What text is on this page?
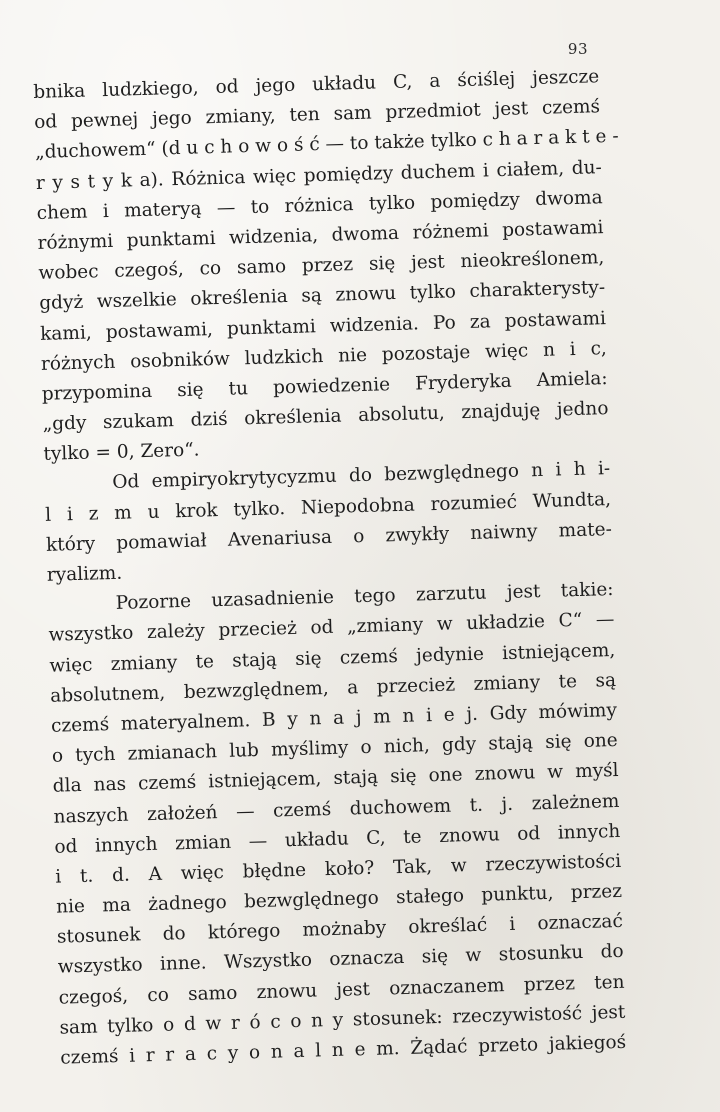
93
bnika ludzkiego, od jego układu C, a ściślej jeszcze
od pewnej jego zmiany, ten sam przedmiot jest czemś
„duchowem“ (d u c h o w o ś ć — to także tylko c h a r a k t e -
r y s t y k a). Różnica więc pomiędzy duchem i ciałem, du-
chem i materyą — to różnica tylko pomiędzy dwoma
różnymi punktami widzenia, dwoma różnemi postawami
wobec czegoś, co samo przez się jest nieokreślonem,
gdyż wszelkie określenia są znowu tylko charakterysty-
kami, postawami, punktami widzenia. Po za postawami
różnych osobników ludzkich nie pozostaje więc n i c,
przypomina się tu powiedzenie Fryderyka Amiela:
„gdy szukam dziś określenia absolutu, znajduję jedno
tylko = 0, Zero“.
Od empiryokrytycyzmu do bezwględnego n i h i-
l i z m u krok tylko. Niepodobna rozumieć Wundta,
który pomawiał Avenariusa o zwykły naiwny mate-
ryalizm.
Pozorne uzasadnienie tego zarzutu jest takie:
wszystko zależy przecież od „zmiany w układzie C“ —
więc zmiany te stają się czemś jedynie istniejącem,
absolutnem, bezwzględnem, a przecież zmiany te są
czemś materyalnem. B y n a j m n i e j. Gdy mówimy
o tych zmianach lub myślimy o nich, gdy stają się one
dla nas czemś istniejącem, stają się one znowu w myśl
naszych założeń — czemś duchowem t. j. zależnem
od innych zmian — układu C, te znowu od innych
i t. d. A więc błędne koło? Tak, w rzeczywistości
nie ma żadnego bezwględnego stałego punktu, przez
stosunek do którego możnaby określać i oznaczać
wszystko inne. Wszystko oznacza się w stosunku do
czegoś, co samo znowu jest oznaczanem przez ten
sam tylko o d w r ó c o n y stosunek: rzeczywistość jest
czemś i r r a c y o n a l n e m. Żądać przeto jakiegoś
